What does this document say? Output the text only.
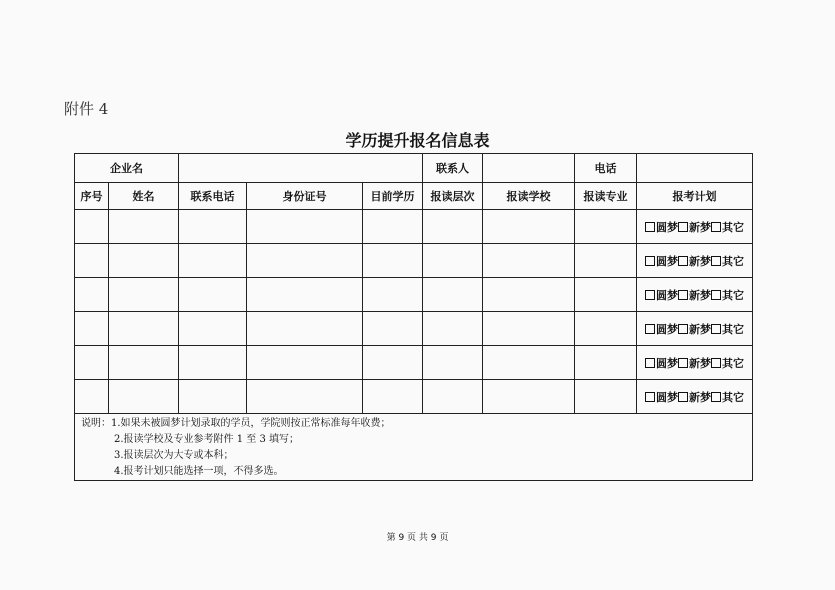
附件 4
学历提升报名信息表
企业名					联系人		电话	
序号	姓名	联系电话	身份证号	目前学历	报读层次	报读学校	报读专业	报考计划

								圆梦 新梦 其它

								圆梦 新梦 其它

								圆梦 新梦 其它

								圆梦 新梦 其它

								圆梦 新梦 其它

								圆梦 新梦 其它

说明：1.如果未被圆梦计划录取的学员，学院则按正常标准每年收费；
2.报读学校及专业参考附件 1 至 3 填写；
3.报读层次为大专或本科；
4.报考计划只能选择一项，不得多选。								
第 9 页 共 9 页
